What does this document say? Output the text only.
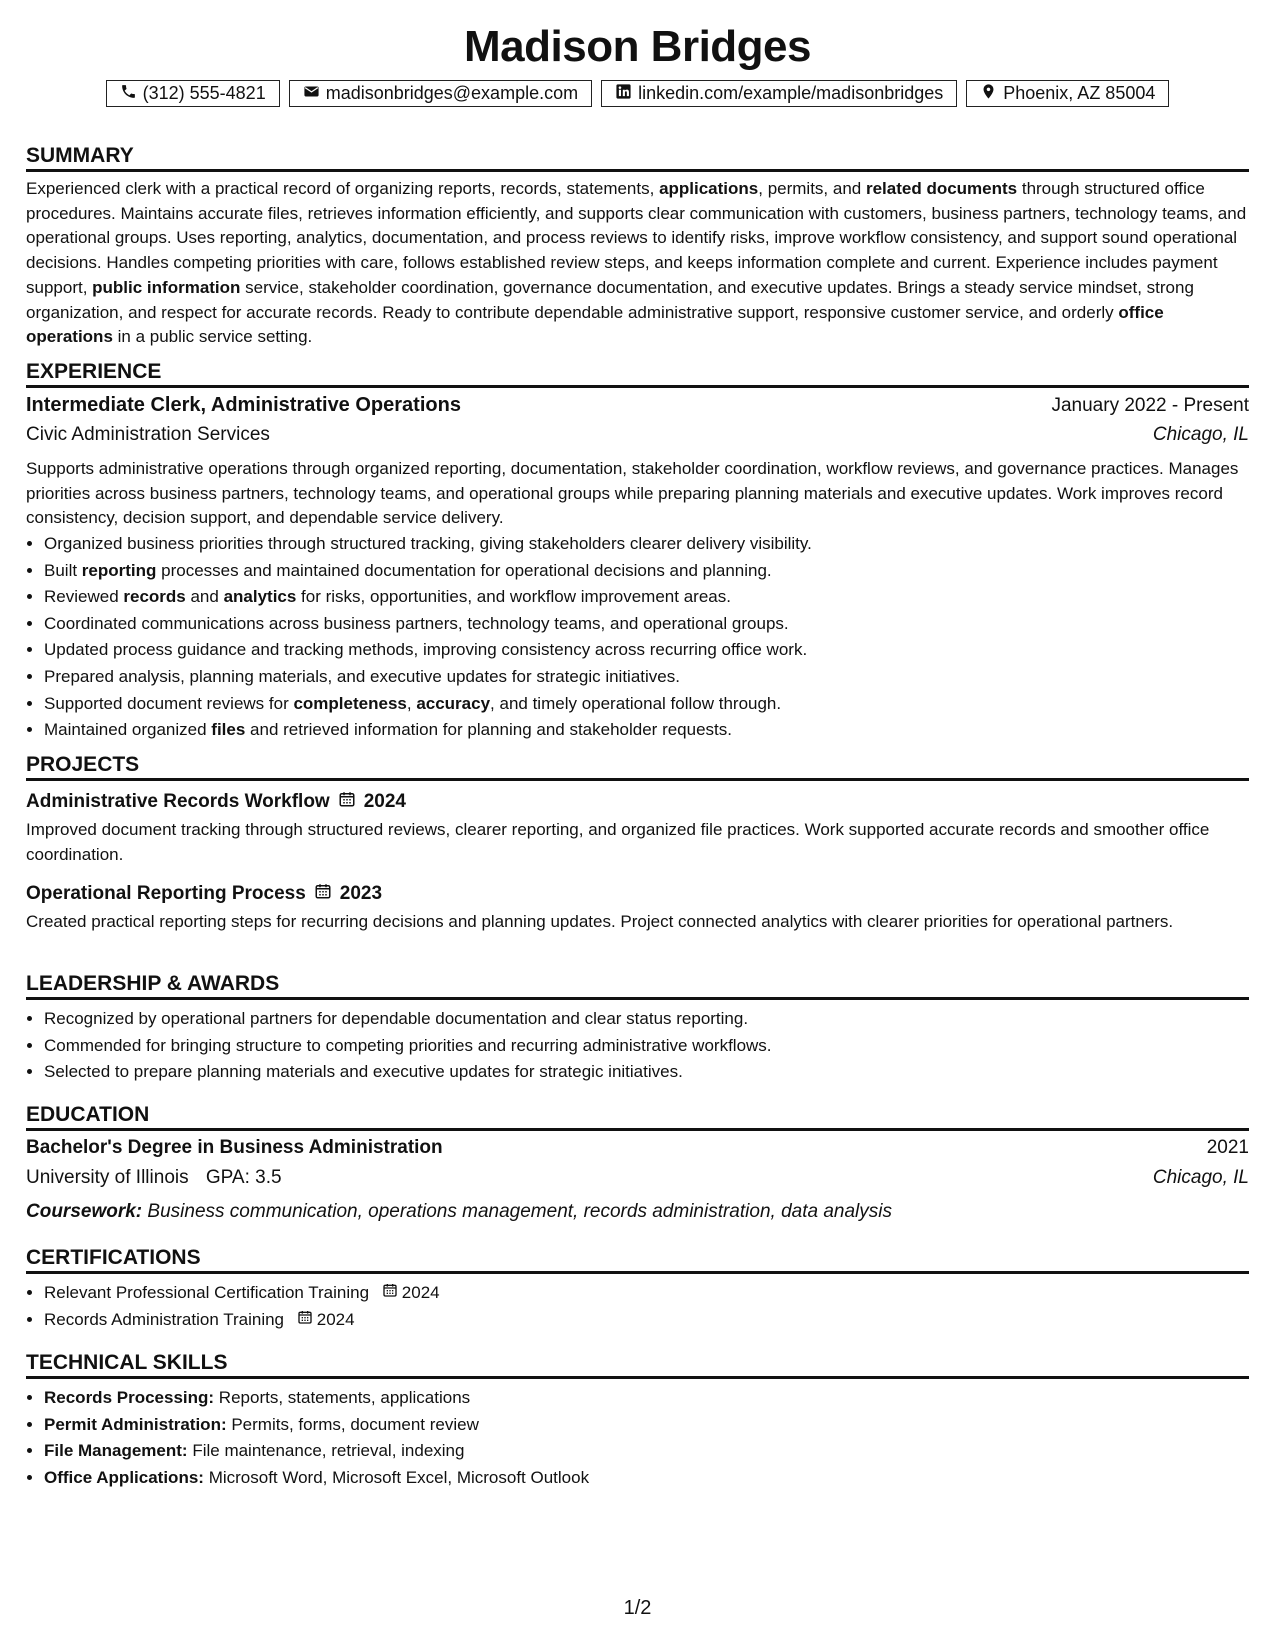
Madison Bridges
(312) 555-4821	madisonbridges@example.com	linkedin.com/example/madisonbridges	Phoenix, AZ 85004
SUMMARY

Experienced clerk with a practical record of organizing reports, records, statements, applications, permits, and related documents through structured office procedures. Maintains accurate files, retrieves information efficiently, and supports clear communication with customers, business partners, technology teams, and operational groups. Uses reporting, analytics, documentation, and process reviews to identify risks, improve workflow consistency, and support sound operational decisions. Handles competing priorities with care, follows established review steps, and keeps information complete and current. Experience includes payment support, public information service, stakeholder coordination, governance documentation, and executive updates. Brings a steady service mindset, strong organization, and respect for accurate records. Ready to contribute dependable administrative support, responsive customer service, and orderly office operations in a public service setting.

EXPERIENCE
Intermediate Clerk, Administrative Operations	January 2022 - Present
Civic Administration Services	Chicago, IL

Supports administrative operations through organized reporting, documentation, stakeholder coordination, workflow reviews, and governance practices. Manages priorities across business partners, technology teams, and operational groups while preparing planning materials and executive updates. Work improves record consistency, decision support, and dependable service delivery.

• Organized business priorities through structured tracking, giving stakeholders clearer delivery visibility.
• Built reporting processes and maintained documentation for operational decisions and planning.
• Reviewed records and analytics for risks, opportunities, and workflow improvement areas.
• Coordinated communications across business partners, technology teams, and operational groups.
• Updated process guidance and tracking methods, improving consistency across recurring office work.
• Prepared analysis, planning materials, and executive updates for strategic initiatives.
• Supported document reviews for completeness, accuracy, and timely operational follow through.
• Maintained organized files and retrieved information for planning and stakeholder requests.
PROJECTS
Administrative Records Workflow 2024

Improved document tracking through structured reviews, clearer reporting, and organized file practices. Work supported accurate records and smoother office coordination.

Operational Reporting Process 2023

Created practical reporting steps for recurring decisions and planning updates. Project connected analytics with clearer priorities for operational partners.

LEADERSHIP & AWARDS
• Recognized by operational partners for dependable documentation and clear status reporting.
• Commended for bringing structure to competing priorities and recurring administrative workflows.
• Selected to prepare planning materials and executive updates for strategic initiatives.
EDUCATION
Bachelor's Degree in Business Administration	2021
University of Illinois GPA: 3.5	Chicago, IL
Coursework: Business communication, operations management, records administration, data analysis
CERTIFICATIONS
• Relevant Professional Certification Training 2024
• Records Administration Training 2024
TECHNICAL SKILLS
• Records Processing: Reports, statements, applications
• Permit Administration: Permits, forms, document review
• File Management: File maintenance, retrieval, indexing
• Office Applications: Microsoft Word, Microsoft Excel, Microsoft Outlook
1/2
